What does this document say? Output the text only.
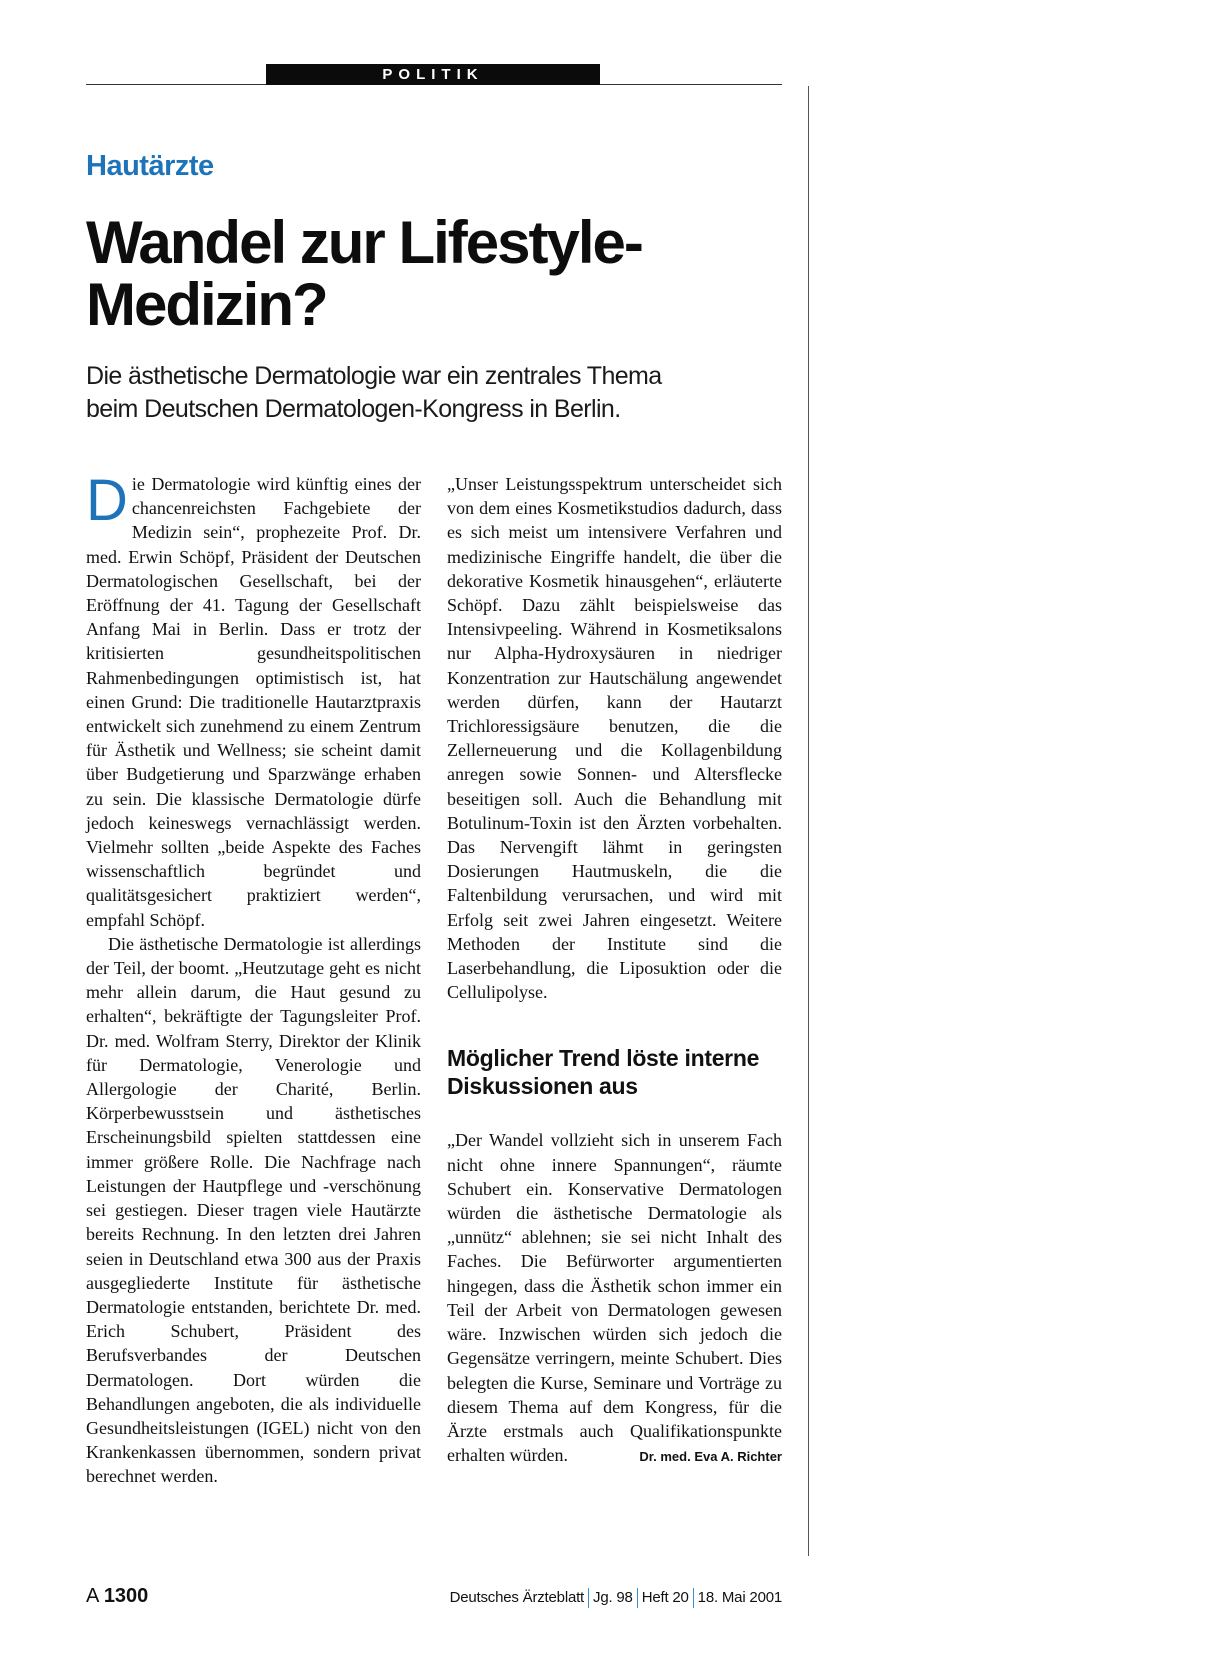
POLITIK
Hautärzte
Wandel zur Lifestyle-
Medizin?
Die ästhetische Dermatologie war ein zentrales Thema
beim Deutschen Dermatologen-Kongress in Berlin.

Die Dermatologie wird künftig eines der chancenreichsten Fachgebiete der Medizin sein“, prophezeite Prof. Dr. med. Erwin Schöpf, Präsident der Deutschen Dermatologischen Gesellschaft, bei der Eröffnung der 41. Tagung der Gesellschaft Anfang Mai in Berlin. Dass er trotz der kritisierten gesundheitspolitischen Rahmenbedingungen optimistisch ist, hat einen Grund: Die traditionelle Hautarztpraxis entwickelt sich zunehmend zu einem Zentrum für Ästhetik und Wellness; sie scheint damit über Budgetierung und Sparzwänge erhaben zu sein. Die klassische Dermatologie dürfe jedoch keineswegs vernachlässigt werden. Vielmehr sollten „beide Aspekte des Faches wissenschaftlich begründet und qualitätsgesichert praktiziert werden“, empfahl Schöpf.

Die ästhetische Dermatologie ist allerdings der Teil, der boomt. „Heutzutage geht es nicht mehr allein darum, die Haut gesund zu erhalten“, bekräftigte der Tagungsleiter Prof. Dr. med. Wolfram Sterry, Direktor der Klinik für Dermatologie, Venerologie und Allergologie der Charité, Berlin. Körperbewusstsein und ästhetisches Erscheinungsbild spielten stattdessen eine immer größere Rolle. Die Nachfrage nach Leistungen der Hautpflege und -verschönung sei gestiegen. Dieser tragen viele Hautärzte bereits Rechnung. In den letzten drei Jahren seien in Deutschland etwa 300 aus der Praxis ausgegliederte Institute für ästhetische Dermatologie entstanden, berichtete Dr. med. Erich Schubert, Präsident des Berufsverbandes der Deutschen Dermatologen. Dort würden die Behandlungen angeboten, die als individuelle Gesundheitsleistungen (IGEL) nicht von den Krankenkassen übernommen, sondern privat berechnet werden.

„Unser Leistungsspektrum unterscheidet sich von dem eines Kosmetikstudios dadurch, dass es sich meist um intensivere Verfahren und medizinische Eingriffe handelt, die über die dekorative Kosmetik hinausgehen“, erläuterte Schöpf. Dazu zählt beispielsweise das Intensivpeeling. Während in Kosmetiksalons nur Alpha-Hydroxysäuren in niedriger Konzentration zur Hautschälung angewendet werden dürfen, kann der Hautarzt Trichloressigsäure benutzen, die die Zellerneuerung und die Kollagenbildung anregen sowie Sonnen- und Altersflecke beseitigen soll. Auch die Behandlung mit Botulinum-Toxin ist den Ärzten vorbehalten. Das Nervengift lähmt in geringsten Dosierungen Hautmuskeln, die die Faltenbildung verursachen, und wird mit Erfolg seit zwei Jahren eingesetzt. Weitere Methoden der Institute sind die Laserbehandlung, die Liposuktion oder die Cellulipolyse.

Möglicher Trend löste interne Diskussionen aus

„Der Wandel vollzieht sich in unserem Fach nicht ohne innere Spannungen“, räumte Schubert ein. Konservative Dermatologen würden die ästhetische Dermatologie als „unnütz“ ablehnen; sie sei nicht Inhalt des Faches. Die Befürworter argumentierten hingegen, dass die Ästhetik schon immer ein Teil der Arbeit von Dermatologen gewesen wäre. Inzwischen würden sich jedoch die Gegensätze verringern, meinte Schubert. Dies belegten die Kurse, Seminare und Vorträge zu diesem Thema auf dem Kongress, für die Ärzte erstmals auch Qualifikationspunkte erhalten würden.	Dr. med. Eva A. Richter

A 1300	Deutsches Ärzteblatt Jg. 98 Heft 20 18. Mai 2001
